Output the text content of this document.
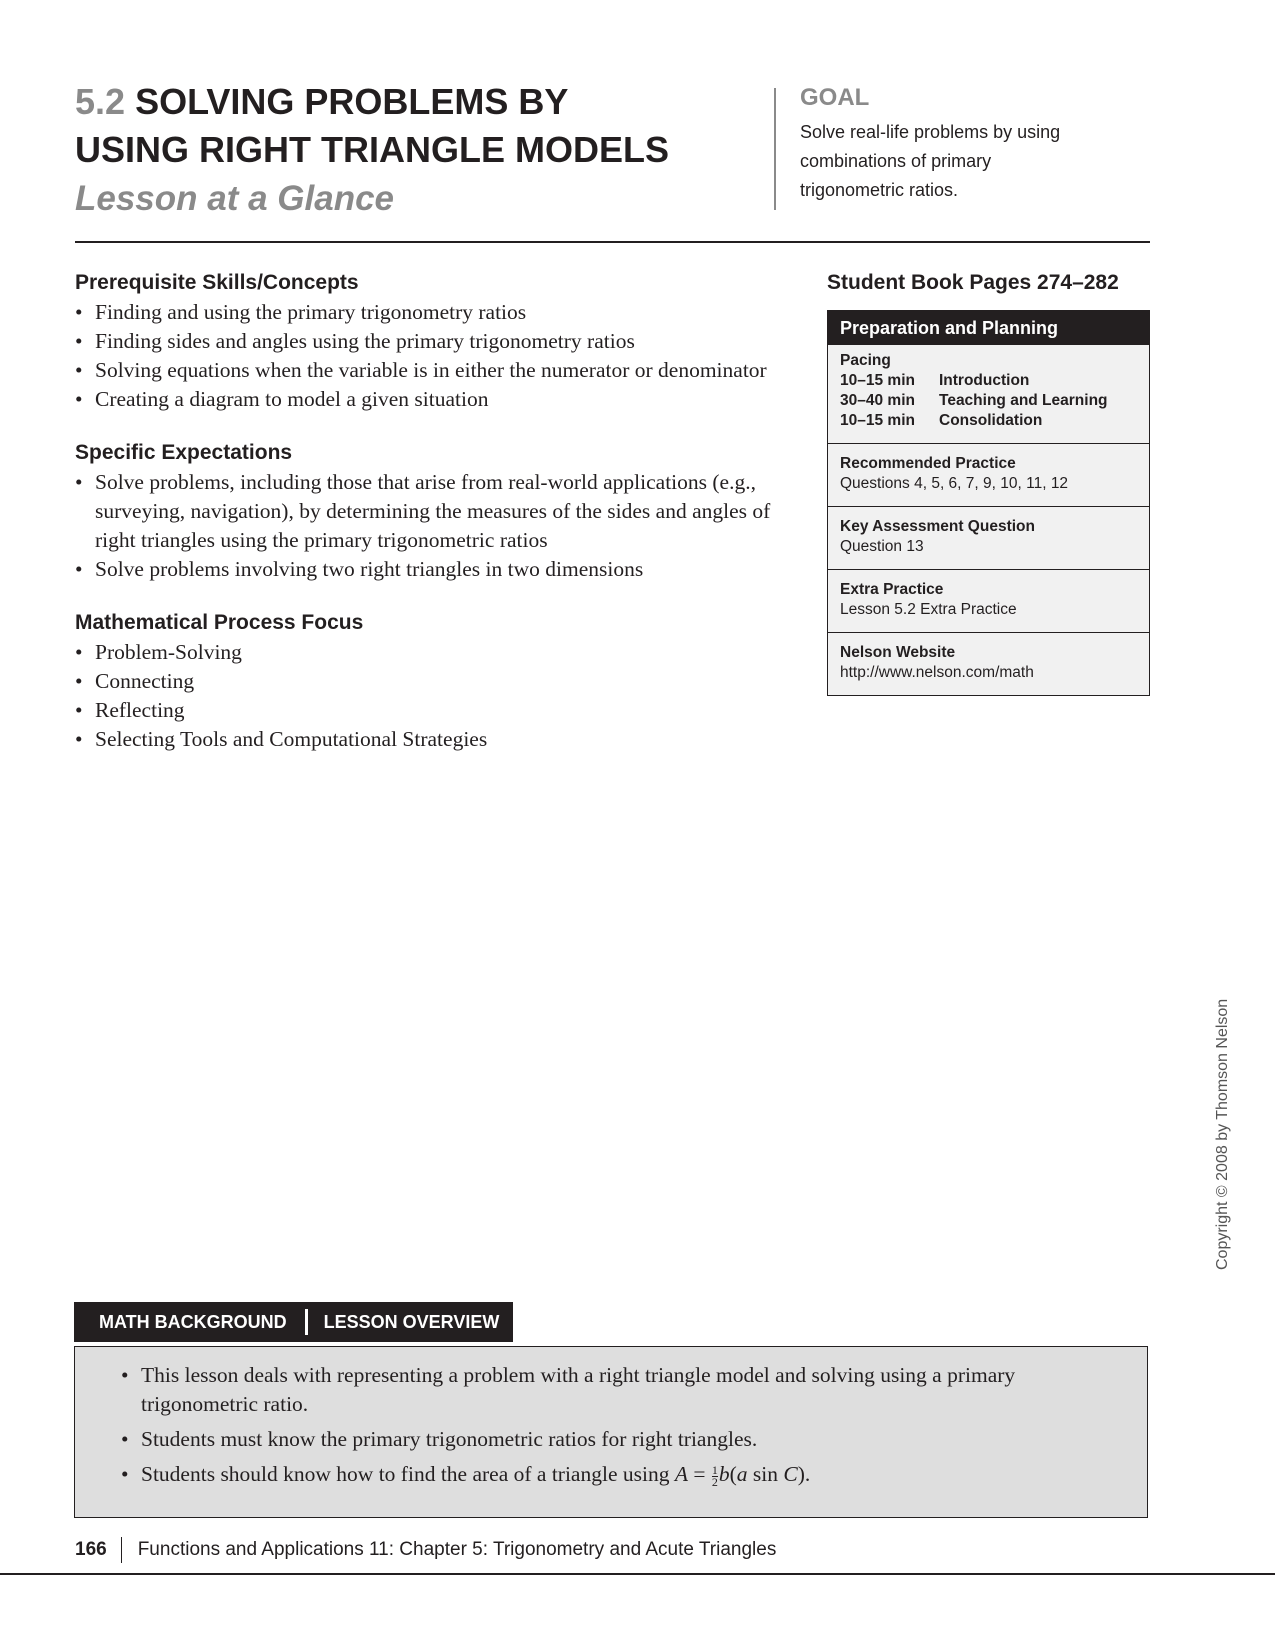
5.2 SOLVING PROBLEMS BY
USING RIGHT TRIANGLE MODELS
Lesson at a Glance
GOAL
Solve real-life problems by using
combinations of primary
trigonometric ratios.
Prerequisite Skills/Concepts
• Finding and using the primary trigonometry ratios
• Finding sides and angles using the primary trigonometry ratios
• Solving equations when the variable is in either the numerator or denominator
• Creating a diagram to model a given situation
Specific Expectations
• Solve problems, including those that arise from real-world applications (e.g., surveying, navigation), by determining the measures of the sides and angles of right triangles using the primary trigonometric ratios
• Solve problems involving two right triangles in two dimensions
Mathematical Process Focus
• Problem-Solving
• Connecting
• Reflecting
• Selecting Tools and Computational Strategies
Student Book Pages 274–282
Preparation and Planning
Pacing
10–15 min	Introduction
30–40 min	Teaching and Learning
10–15 min	Consolidation
Recommended Practice
Questions 4, 5, 6, 7, 9, 10, 11, 12
Key Assessment Question
Question 13
Extra Practice
Lesson 5.2 Extra Practice
Nelson Website
http://www.nelson.com/math
Copyright © 2008 by Thomson Nelson
MATH BACKGROUND LESSON OVERVIEW
• This lesson deals with representing a problem with a right triangle model and solving using a primary trigonometric ratio.
• Students must know the primary trigonometric ratios for right triangles.
• Students should know how to find the area of a triangle using $A = \frac{1}{2} b(a$ sin C).
166 Functions and Applications 11: Chapter 5: Trigonometry and Acute Triangles
